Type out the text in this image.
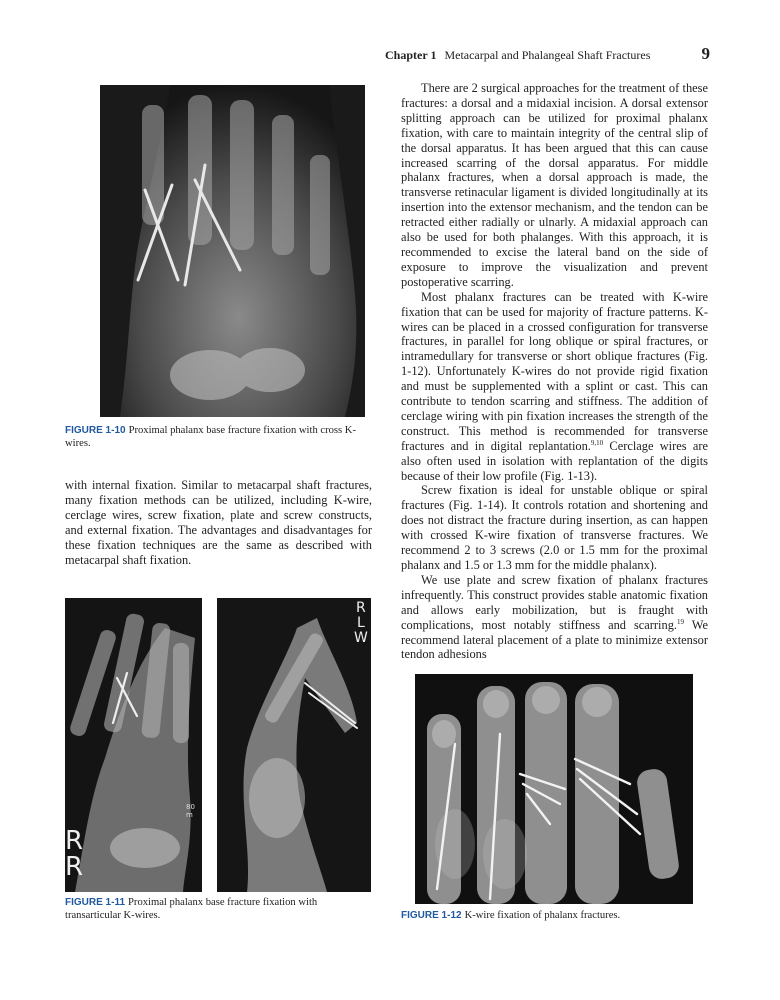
Chapter 1 Metacarpal and Phalangeal Shaft Fractures	9
FIGURE 1-10 Proximal phalanx base fracture fixation with cross K-wires.

with internal fixation. Similar to metacarpal shaft fractures, many fixation methods can be utilized, including K-wire, cerclage wires, screw fixation, plate and screw constructs, and external fixation. The advantages and disadvantages for these fixation techniques are the same as described with metacarpal shaft fixation.

R
R
80 m
R
L
W
FIGURE 1-11 Proximal phalanx base fracture fixation with transarticular K-wires.

There are 2 surgical approaches for the treatment of these fractures: a dorsal and a midaxial incision. A dorsal extensor splitting approach can be utilized for proximal phalanx fixation, with care to maintain integrity of the central slip of the dorsal apparatus. It has been argued that this can cause increased scarring of the dorsal apparatus. For middle phalanx fractures, when a dorsal approach is made, the transverse retinacular ligament is divided longitudinally at its insertion into the extensor mechanism, and the tendon can be retracted either radially or ulnarly. A midaxial approach can also be used for both phalanges. With this approach, it is recommended to excise the lateral band on the side of exposure to improve the visualization and prevent postoperative scarring.

Most phalanx fractures can be treated with K-wire fixation that can be used for majority of fracture patterns. K-wires can be placed in a crossed configuration for transverse fractures, in parallel for long oblique or spiral fractures, or intramedullary for transverse or short oblique fractures (Fig. 1-12). Unfortunately K-wires do not provide rigid fixation and must be supplemented with a splint or cast. This can contribute to tendon scarring and stiffness. The addition of cerclage wiring with pin fixation increases the strength of the construct. This method is recommended for transverse fractures and in digital replantation.$^{9,10}$ Cerclage wires are also often used in isolation with replantation of the digits because of their low profile (Fig. 1-13).

Screw fixation is ideal for unstable oblique or spiral fractures (Fig. 1-14). It controls rotation and shortening and does not distract the fracture during insertion, as can happen with crossed K-wire fixation of transverse fractures. We recommend 2 to 3 screws (2.0 or 1.5 mm for the proximal phalanx and 1.5 or 1.3 mm for the middle phalanx).

We use plate and screw fixation of phalanx fractures infrequently. This construct provides stable anatomic fixation and allows early mobilization, but is fraught with complications, most notably stiffness and scarring.$^{19}$ We recommend lateral placement of a plate to minimize extensor tendon adhesions

FIGURE 1-12 K-wire fixation of phalanx fractures.
